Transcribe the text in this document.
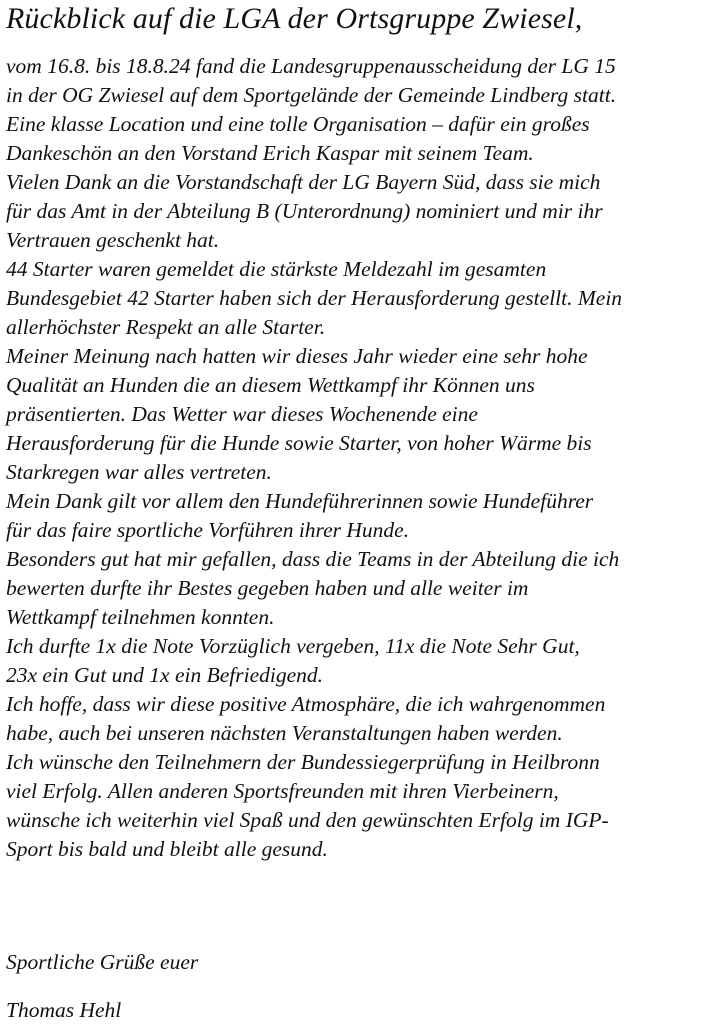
Rückblick auf die LGA der Ortsgruppe Zwiesel,
vom 16.8. bis 18.8.24 fand die Landesgruppenausscheidung der LG 15
in der OG Zwiesel auf dem Sportgelände der Gemeinde Lindberg statt.
Eine klasse Location und eine tolle Organisation – dafür ein großes
Dankeschön an den Vorstand Erich Kaspar mit seinem Team.
Vielen Dank an die Vorstandschaft der LG Bayern Süd, dass sie mich
für das Amt in der Abteilung B (Unterordnung) nominiert und mir ihr
Vertrauen geschenkt hat.
44 Starter waren gemeldet die stärkste Meldezahl im gesamten
Bundesgebiet 42 Starter haben sich der Herausforderung gestellt. Mein
allerhöchster Respekt an alle Starter.
Meiner Meinung nach hatten wir dieses Jahr wieder eine sehr hohe
Qualität an Hunden die an diesem Wettkampf ihr Können uns
präsentierten. Das Wetter war dieses Wochenende eine
Herausforderung für die Hunde sowie Starter, von hoher Wärme bis
Starkregen war alles vertreten.
Mein Dank gilt vor allem den Hundeführerinnen sowie Hundeführer
für das faire sportliche Vorführen ihrer Hunde.
Besonders gut hat mir gefallen, dass die Teams in der Abteilung die ich
bewerten durfte ihr Bestes gegeben haben und alle weiter im
Wettkampf teilnehmen konnten.
Ich durfte 1x die Note Vorzüglich vergeben, 11x die Note Sehr Gut,
23x ein Gut und 1x ein Befriedigend.
Ich hoffe, dass wir diese positive Atmosphäre, die ich wahrgenommen
habe, auch bei unseren nächsten Veranstaltungen haben werden.
Ich wünsche den Teilnehmern der Bundessiegerprüfung in Heilbronn
viel Erfolg. Allen anderen Sportsfreunden mit ihren Vierbeinern,
wünsche ich weiterhin viel Spaß und den gewünschten Erfolg im IGP-
Sport bis bald und bleibt alle gesund.
Sportliche Grüße euer
Thomas Hehl
